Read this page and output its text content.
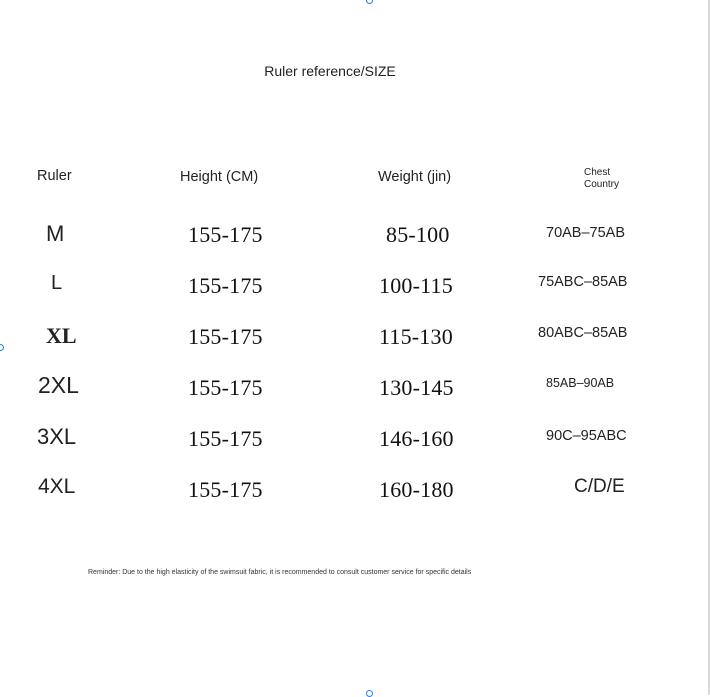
Ruler reference/SIZE
Ruler	Height (CM)	Weight (jin)	Chest
Country
M	155-175	85-100	70AB–75AB
L	155-175	100-115	75ABC–85AB
XL	155-175	115-130	80ABC–85AB
2XL	155-175	130-145	85AB–90AB
3XL	155-175	146-160	90C–95ABC
4XL	155-175	160-180	C/D/E
Reminder: Due to the high elasticity of the swimsuit fabric, it is recommended to consult customer service for specific details
